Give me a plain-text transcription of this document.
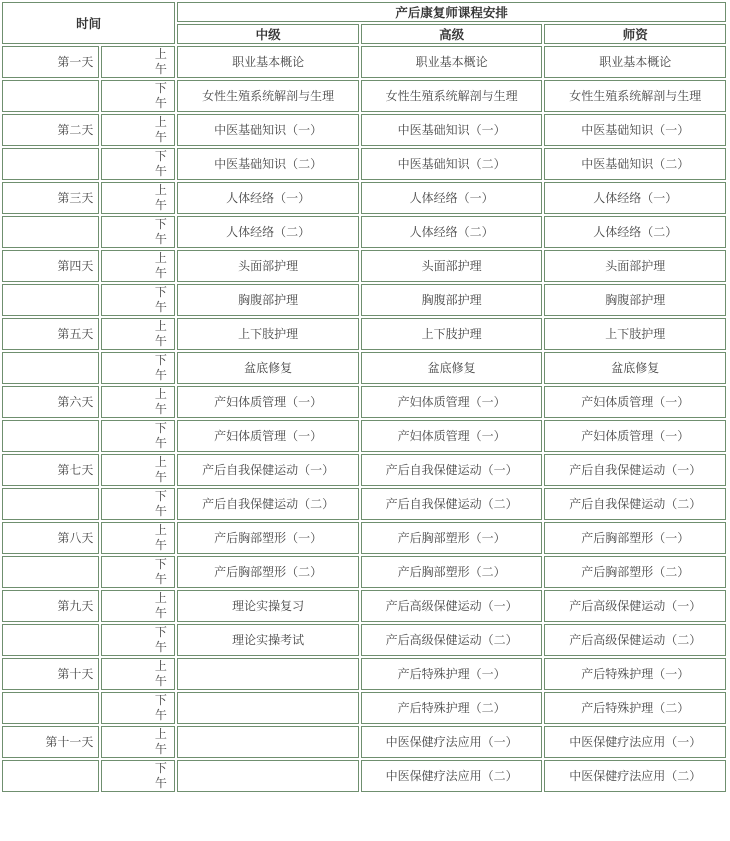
时间		产后康复师课程安排		
		中级	高级	师资
第一天	上午	职业基本概论	职业基本概论	职业基本概论
	下午	女性生殖系统解剖与生理	女性生殖系统解剖与生理	女性生殖系统解剖与生理
第二天	上午	中医基础知识（一）	中医基础知识（一）	中医基础知识（一）
	下午	中医基础知识（二）	中医基础知识（二）	中医基础知识（二）
第三天	上午	人体经络（一）	人体经络（一）	人体经络（一）
	下午	人体经络（二）	人体经络（二）	人体经络（二）
第四天	上午	头面部护理	头面部护理	头面部护理
	下午	胸腹部护理	胸腹部护理	胸腹部护理
第五天	上午	上下肢护理	上下肢护理	上下肢护理
	下午	盆底修复	盆底修复	盆底修复
第六天	上午	产妇体质管理（一）	产妇体质管理（一）	产妇体质管理（一）
	下午	产妇体质管理（一）	产妇体质管理（一）	产妇体质管理（一）
第七天	上午	产后自我保健运动（一）	产后自我保健运动（一）	产后自我保健运动（一）
	下午	产后自我保健运动（二）	产后自我保健运动（二）	产后自我保健运动（二）
第八天	上午	产后胸部塑形（一）	产后胸部塑形（一）	产后胸部塑形（一）
	下午	产后胸部塑形（二）	产后胸部塑形（二）	产后胸部塑形（二）
第九天	上午	理论实操复习	产后高级保健运动（一）	产后高级保健运动（一）
	下午	理论实操考试	产后高级保健运动（二）	产后高级保健运动（二）
第十天	上午		产后特殊护理（一）	产后特殊护理（一）
	下午		产后特殊护理（二）	产后特殊护理（二）
第十一天	上午		中医保健疗法应用（一）	中医保健疗法应用（一）
	下午		中医保健疗法应用（二）	中医保健疗法应用（二）
